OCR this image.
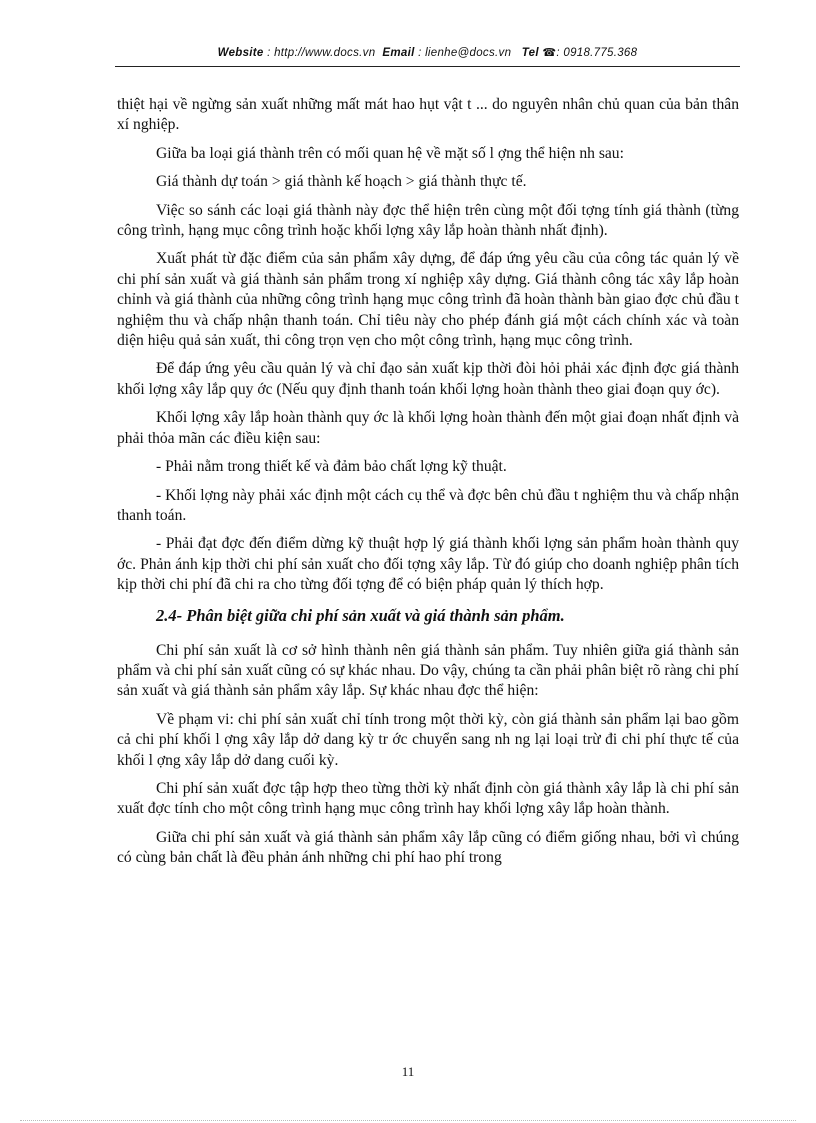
Website : http://www.docs.vn Email : lienhe@docs.vn Tel ☎: 0918.775.368

thiệt hại về ngừng sản xuất những mất mát hao hụt vật t ... do nguyên nhân chủ quan của bản thân xí nghiệp.

Giữa ba loại giá thành trên có mối quan hệ về mặt số l ợng thể hiện nh sau:

Giá thành dự toán > giá thành kế hoạch > giá thành thực tế.

Việc so sánh các loại giá thành này đợc thể hiện trên cùng một đối tợng tính giá thành (từng công trình, hạng mục công trình hoặc khối lợng xây lắp hoàn thành nhất định).

Xuất phát từ đặc điểm của sản phẩm xây dựng, để đáp ứng yêu cầu của công tác quản lý về chi phí sản xuất và giá thành sản phẩm trong xí nghiệp xây dựng. Giá thành công tác xây lắp hoàn chỉnh và giá thành của những công trình hạng mục công trình đã hoàn thành bàn giao đợc chủ đầu t nghiệm thu và chấp nhận thanh toán. Chỉ tiêu này cho phép đánh giá một cách chính xác và toàn diện hiệu quả sản xuất, thi công trọn vẹn cho một công trình, hạng mục công trình.

Để đáp ứng yêu cầu quản lý và chỉ đạo sản xuất kịp thời đòi hỏi phải xác định đợc giá thành khối lợng xây lắp quy ớc (Nếu quy định thanh toán khối lợng hoàn thành theo giai đoạn quy ớc).

Khối lợng xây lắp hoàn thành quy ớc là khối lợng hoàn thành đến một giai đoạn nhất định và phải thỏa mãn các điều kiện sau:

- Phải nằm trong thiết kế và đảm bảo chất lợng kỹ thuật.

- Khối lợng này phải xác định một cách cụ thể và đợc bên chủ đầu t nghiệm thu và chấp nhận thanh toán.

- Phải đạt đợc đến điểm dừng kỹ thuật hợp lý giá thành khối lợng sản phẩm hoàn thành quy ớc. Phản ánh kịp thời chi phí sản xuất cho đối tợng xây lắp. Từ đó giúp cho doanh nghiệp phân tích kịp thời chi phí đã chi ra cho từng đối tợng để có biện pháp quản lý thích hợp.

2.4- Phân biệt giữa chi phí sản xuất và giá thành sản phẩm.

Chi phí sản xuất là cơ sở hình thành nên giá thành sản phẩm. Tuy nhiên giữa giá thành sản phẩm và chi phí sản xuất cũng có sự khác nhau. Do vậy, chúng ta cần phải phân biệt rõ ràng chi phí sản xuất và giá thành sản phẩm xây lắp. Sự khác nhau đợc thể hiện:

Về phạm vi: chi phí sản xuất chỉ tính trong một thời kỳ, còn giá thành sản phẩm lại bao gồm cả chi phí khối l ợng xây lắp dở dang kỳ tr ớc chuyển sang nh ng lại loại trừ đi chi phí thực tế của khối l ợng xây lắp dở dang cuối kỳ.

Chi phí sản xuất đợc tập hợp theo từng thời kỳ nhất định còn giá thành xây lắp là chi phí sản xuất đợc tính cho một công trình hạng mục công trình hay khối lợng xây lắp hoàn thành.

Giữa chi phí sản xuất và giá thành sản phẩm xây lắp cũng có điểm giống nhau, bởi vì chúng có cùng bản chất là đều phản ánh những chi phí hao phí trong

11
